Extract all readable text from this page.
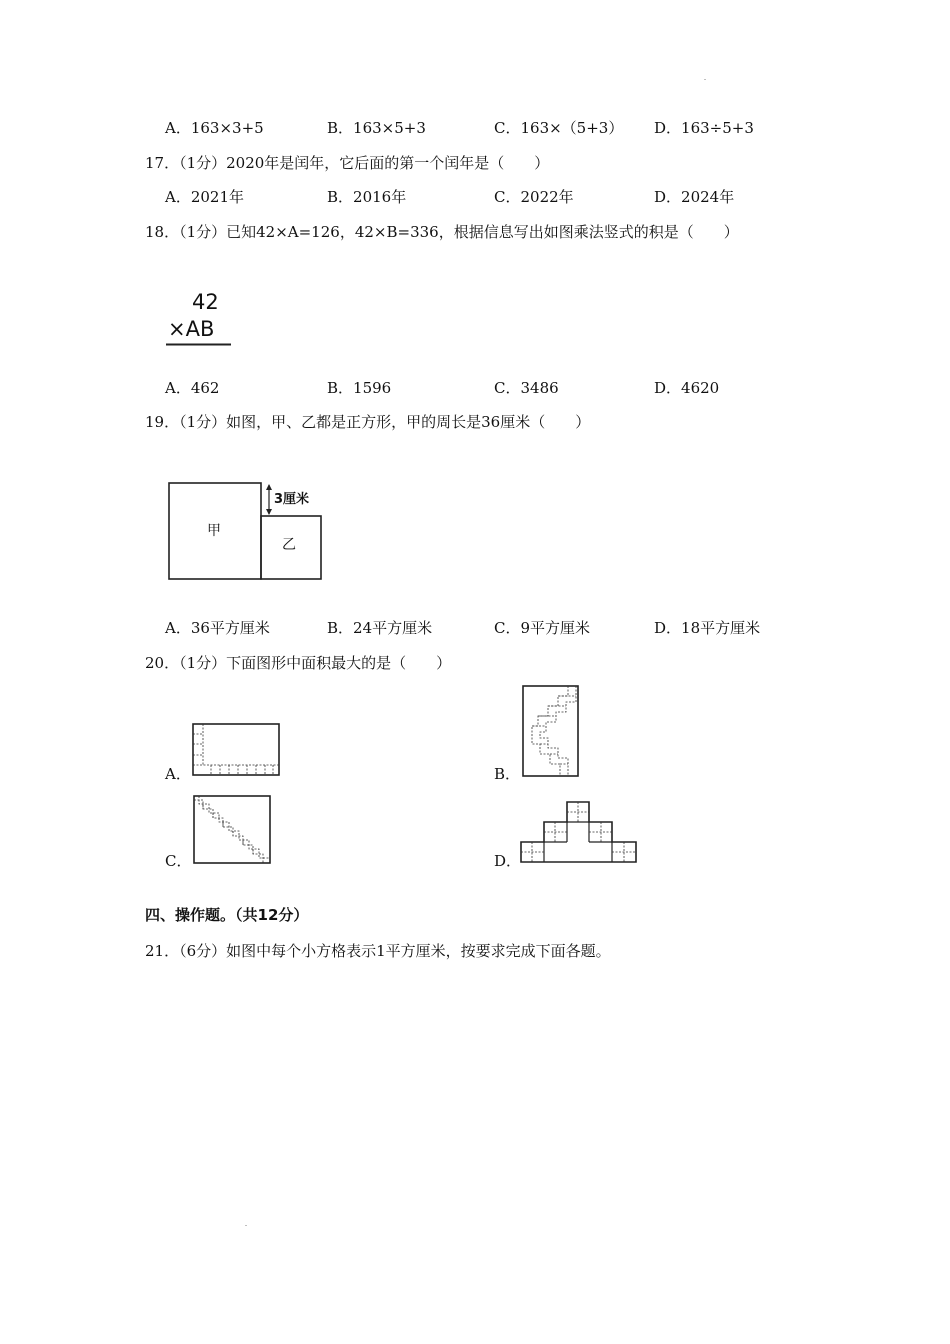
-
A．163×3+5	B．163×5+3	C．163×（5+3） D．163÷5+3
17．（1分）2020年是闰年，它后面的第一个闰年是（　　）
A．2021年	B．2016年	C．2022年	D．2024年
18．（1分）已知42×A=126，42×B=336，根据信息写出如图乘法竖式的积是（　　）
42
×AB
A．462	B．1596	C．3486	D．4620
19．（1分）如图，甲、乙都是正方形，甲的周长是36厘米（　　）
甲
乙
3厘米
A．36平方厘米	B．24平方厘米	C．9平方厘米	D．18平方厘米
20．（1分）下面图形中面积最大的是（　　）
A．	B．
C．	D．
四、操作题。（共12分）
21．（6分）如图中每个小方格表示1平方厘米，按要求完成下面各题。
-
